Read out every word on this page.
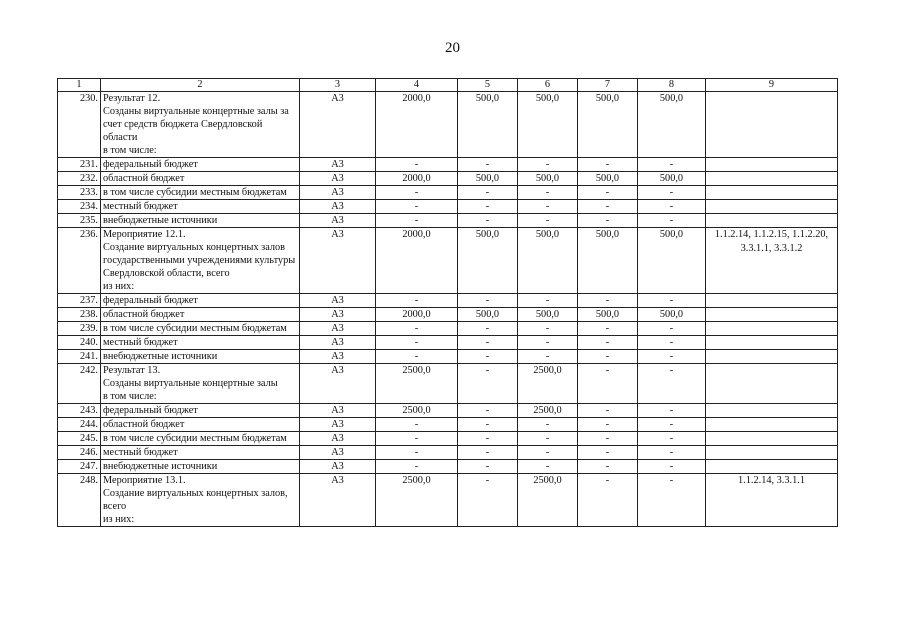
20
1	2	3	4	5	6	7	8	9
230.	Результат 12.
Созданы виртуальные концертные залы за счет средств бюджета Свердловской области
в том числе:	А3	2000,0	500,0	500,0	500,0	500,0	
231.	федеральный бюджет	А3	-	-	-	-	-	
232.	областной бюджет	А3	2000,0	500,0	500,0	500,0	500,0	
233.	в том числе субсидии местным бюджетам	А3	-	-	-	-	-	
234.	местный бюджет	А3	-	-	-	-	-	
235.	внебюджетные источники	А3	-	-	-	-	-	
236.	Мероприятие 12.1.
Создание виртуальных концертных залов государственными учреждениями культуры Свердловской области, всего
из них:	А3	2000,0	500,0	500,0	500,0	500,0	1.1.2.14, 1.1.2.15, 1.1.2.20, 3.3.1.1, 3.3.1.2
237.	федеральный бюджет	А3	-	-	-	-	-	
238.	областной бюджет	А3	2000,0	500,0	500,0	500,0	500,0	
239.	в том числе субсидии местным бюджетам	А3	-	-	-	-	-	
240.	местный бюджет	А3	-	-	-	-	-	
241.	внебюджетные источники	А3	-	-	-	-	-	
242.	Результат 13.
Созданы виртуальные концертные залы
в том числе:	А3	2500,0	-	2500,0	-	-	
243.	федеральный бюджет	А3	2500,0	-	2500,0	-	-	
244.	областной бюджет	А3	-	-	-	-	-	
245.	в том числе субсидии местным бюджетам	А3	-	-	-	-	-	
246.	местный бюджет	А3	-	-	-	-	-	
247.	внебюджетные источники	А3	-	-	-	-	-	
248.	Мероприятие 13.1.
Создание виртуальных концертных залов, всего
из них:	А3	2500,0	-	2500,0	-	-	1.1.2.14, 3.3.1.1
